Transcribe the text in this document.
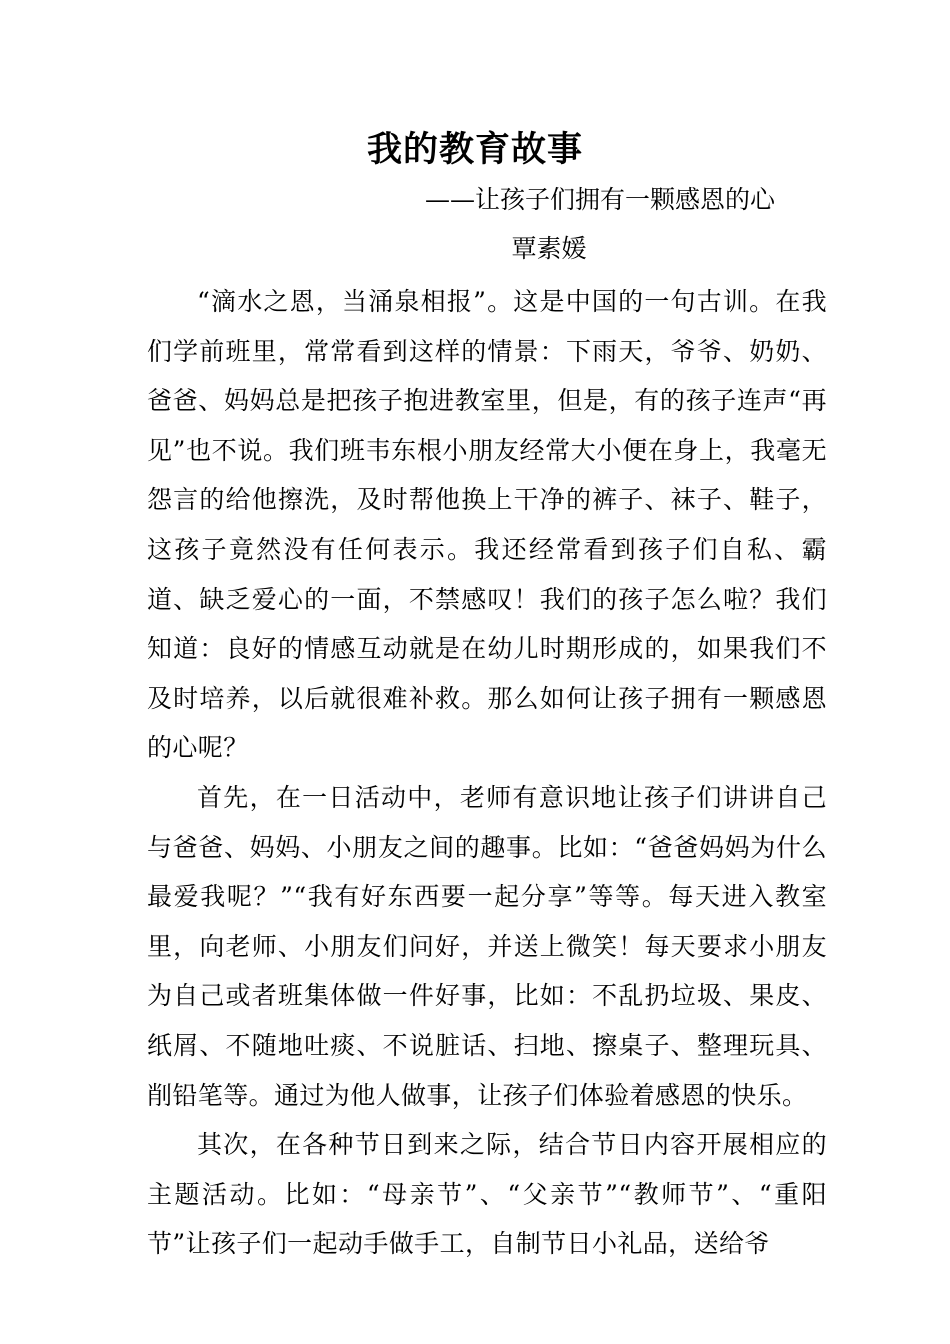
我的教育故事
——让孩子们拥有一颗感恩的心
覃素媛

“滴水之恩，当涌泉相报”。这是中国的一句古训。在我们学前班里，常常看到这样的情景：下雨天，爷爷、奶奶、爸爸、妈妈总是把孩子抱进教室里，但是，有的孩子连声“再见”也不说。我们班韦东根小朋友经常大小便在身上，我毫无怨言的给他擦洗，及时帮他换上干净的裤子、袜子、鞋子，这孩子竟然没有任何表示。我还经常看到孩子们自私、霸道、缺乏爱心的一面，不禁感叹！我们的孩子怎么啦？我们知道：良好的情感互动就是在幼儿时期形成的，如果我们不及时培养，以后就很难补救。那么如何让孩子拥有一颗感恩的心呢？

首先，在一日活动中，老师有意识地让孩子们讲讲自己与爸爸、妈妈、小朋友之间的趣事。比如：“爸爸妈妈为什么最爱我呢？”“我有好东西要一起分享”等等。每天进入教室里，向老师、小朋友们问好，并送上微笑！每天要求小朋友为自己或者班集体做一件好事，比如：不乱扔垃圾、果皮、纸屑、不随地吐痰、不说脏话、扫地、擦桌子、整理玩具、削铅笔等。通过为他人做事，让孩子们体验着感恩的快乐。

其次，在各种节日到来之际，结合节日内容开展相应的主题活动。比如：“母亲节”、“父亲节”“教师节”、“重阳节”让孩子们一起动手做手工，自制节日小礼品，送给爷
